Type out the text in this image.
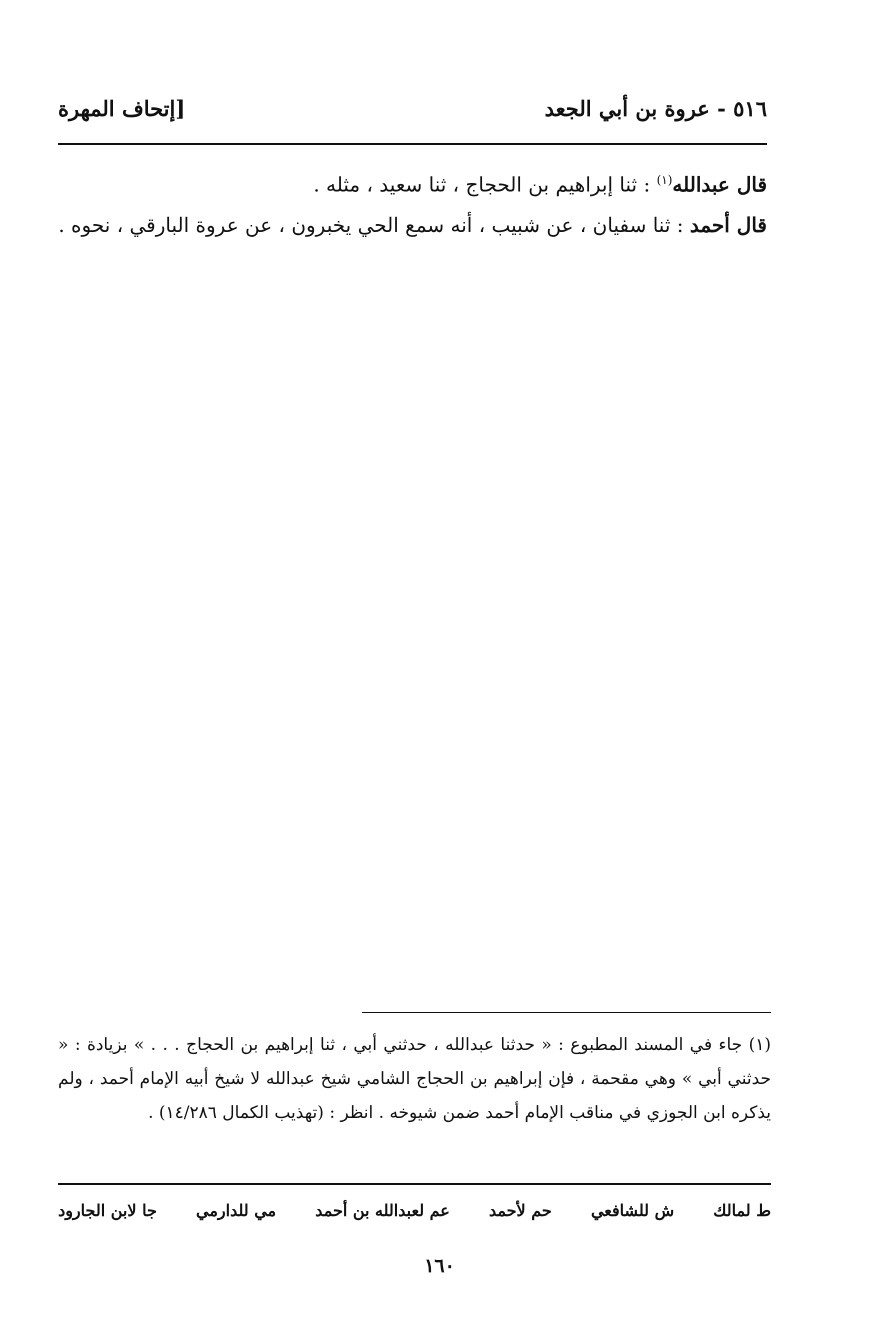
٥١٦ - عروة بن أبي الجعد
[إتحاف المهرة

قال عبدالله$^{(١)}$ : ثنا إبراهيم بن الحجاج ، ثنا سعيد ، مثله .

قال أحمد : ثنا سفيان ، عن شبيب ، أنه سمع الحي يخبرون ، عن عروة البارقي ، نحوه .

(١) جاء في المسند المطبوع : « حدثنا عبدالله ، حدثني أبي ، ثنا إبراهيم بن الحجاج . . . » بزيادة : « حدثني أبي » وهي مقحمة ، فإن إبراهيم بن الحجاج الشامي شيخ عبدالله لا شيخ أبيه الإمام أحمد ، ولم يذكره ابن الجوزي في مناقب الإمام أحمد ضمن شيوخه . انظر : (تهذيب الكمال ١٤/٢٨٦) .

ط لمالك
ش للشافعي
حم لأحمد
عم لعبدالله بن أحمد
مي للدارمي
جا لابن الجارود
١٦٠
